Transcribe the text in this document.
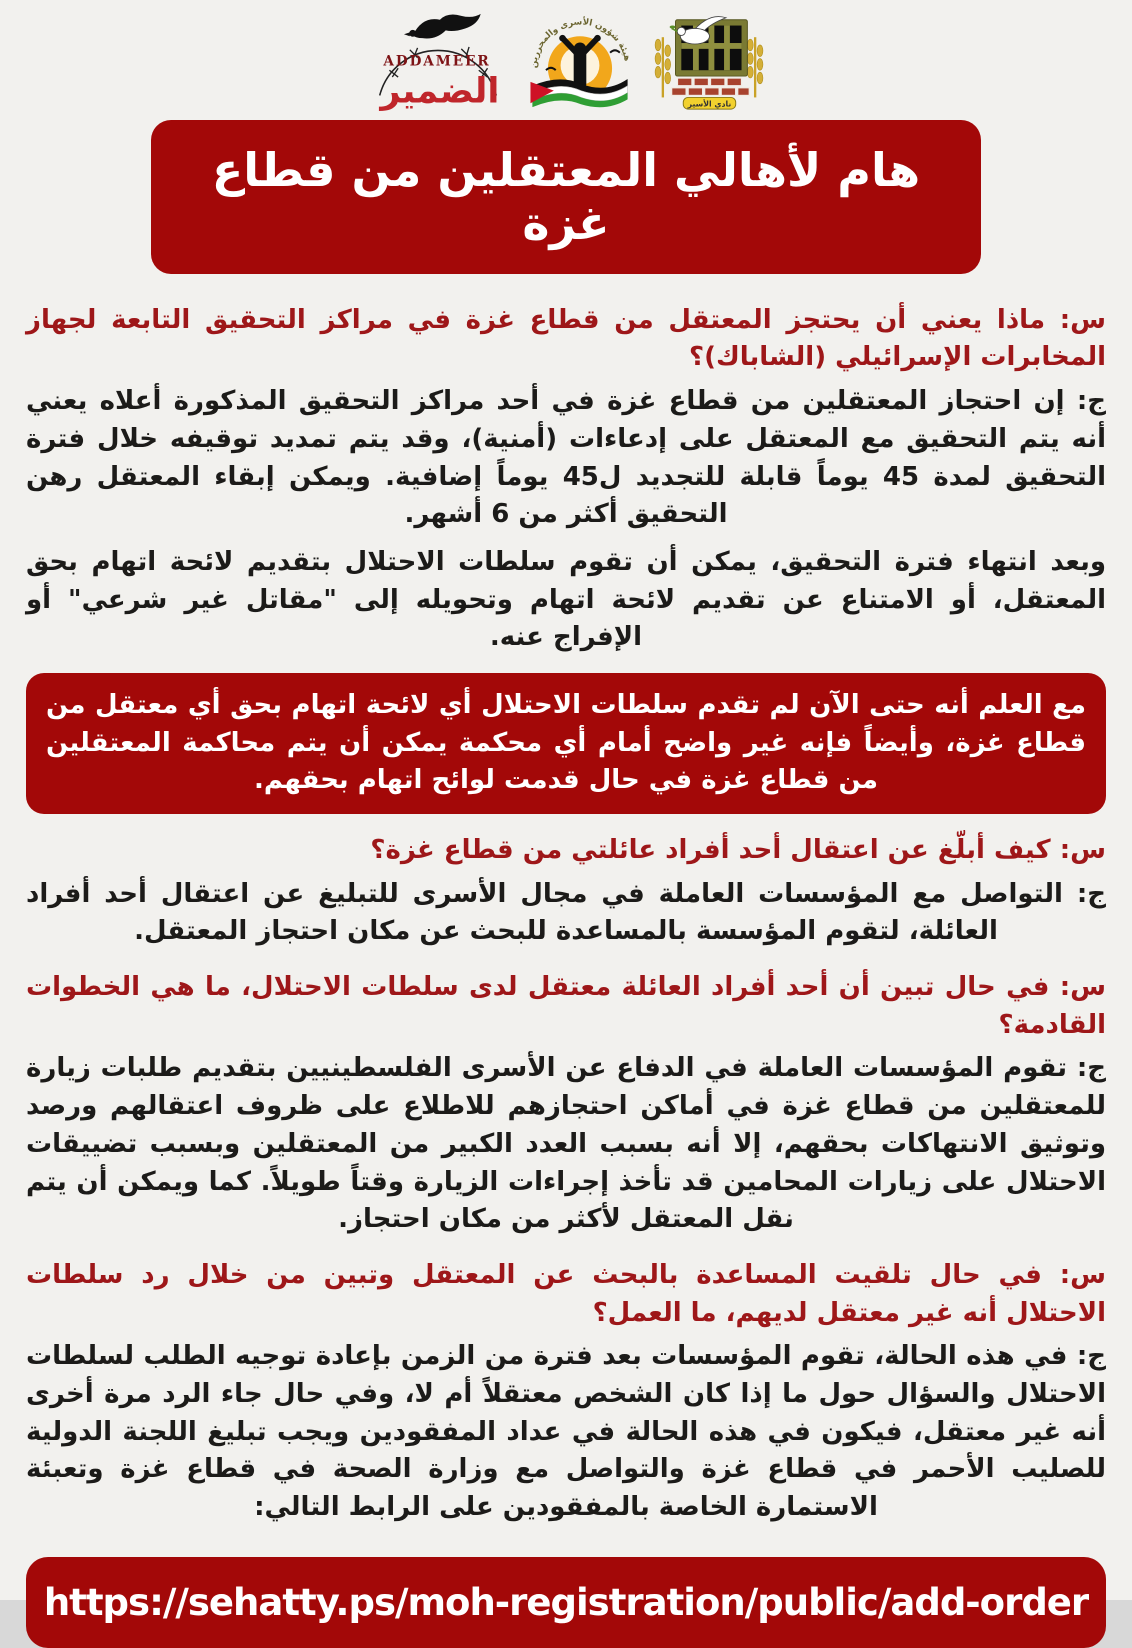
ADDAMEER
الضمير
هيئة شؤون الأسرى والمحررين
نادي الأسير
هام لأهالي المعتقلين من قطاع غزة

س: ماذا يعني أن يحتجز المعتقل من قطاع غزة في مراكز التحقيق التابعة لجهاز المخابرات الإسرائيلي (الشاباك)؟

ج: إن احتجاز المعتقلين من قطاع غزة في أحد مراكز التحقيق المذكورة أعلاه يعني أنه يتم التحقيق مع المعتقل على إدعاءات (أمنية)، وقد يتم تمديد توقيفه خلال فترة التحقيق لمدة 45 يوماً قابلة للتجديد ل45 يوماً إضافية. ويمكن إبقاء المعتقل رهن التحقيق أكثر من 6 أشهر.

وبعد انتهاء فترة التحقيق، يمكن أن تقوم سلطات الاحتلال بتقديم لائحة اتهام بحق المعتقل، أو الامتناع عن تقديم لائحة اتهام وتحويله إلى "مقاتل غير شرعي" أو الإفراج عنه.

مع العلم أنه حتى الآن لم تقدم سلطات الاحتلال أي لائحة اتهام بحق أي معتقل من قطاع غزة، وأيضاً فإنه غير واضح أمام أي محكمة يمكن أن يتم محاكمة المعتقلين من قطاع غزة في حال قدمت لوائح اتهام بحقهم.

س: كيف أبلّغ عن اعتقال أحد أفراد عائلتي من قطاع غزة؟

ج: التواصل مع المؤسسات العاملة في مجال الأسرى للتبليغ عن اعتقال أحد أفراد العائلة، لتقوم المؤسسة بالمساعدة للبحث عن مكان احتجاز المعتقل.

س: في حال تبين أن أحد أفراد العائلة معتقل لدى سلطات الاحتلال، ما هي الخطوات القادمة؟

ج: تقوم المؤسسات العاملة في الدفاع عن الأسرى الفلسطينيين بتقديم طلبات زيارة للمعتقلين من قطاع غزة في أماكن احتجازهم للاطلاع على ظروف اعتقالهم ورصد وتوثيق الانتهاكات بحقهم، إلا أنه بسبب العدد الكبير من المعتقلين وبسبب تضييقات الاحتلال على زيارات المحامين قد تأخذ إجراءات الزيارة وقتاً طويلاً. كما ويمكن أن يتم نقل المعتقل لأكثر من مكان احتجاز.

س: في حال تلقيت المساعدة بالبحث عن المعتقل وتبين من خلال رد سلطات الاحتلال أنه غير معتقل لديهم، ما العمل؟

ج: في هذه الحالة، تقوم المؤسسات بعد فترة من الزمن بإعادة توجيه الطلب لسلطات الاحتلال والسؤال حول ما إذا كان الشخص معتقلاً أم لا، وفي حال جاء الرد مرة أخرى أنه غير معتقل، فيكون في هذه الحالة في عداد المفقودين ويجب تبليغ اللجنة الدولية للصليب الأحمر في قطاع غزة والتواصل مع وزارة الصحة في قطاع غزة وتعبئة الاستمارة الخاصة بالمفقودين على الرابط التالي:

https://sehatty.ps/moh-registration/public/add-order
